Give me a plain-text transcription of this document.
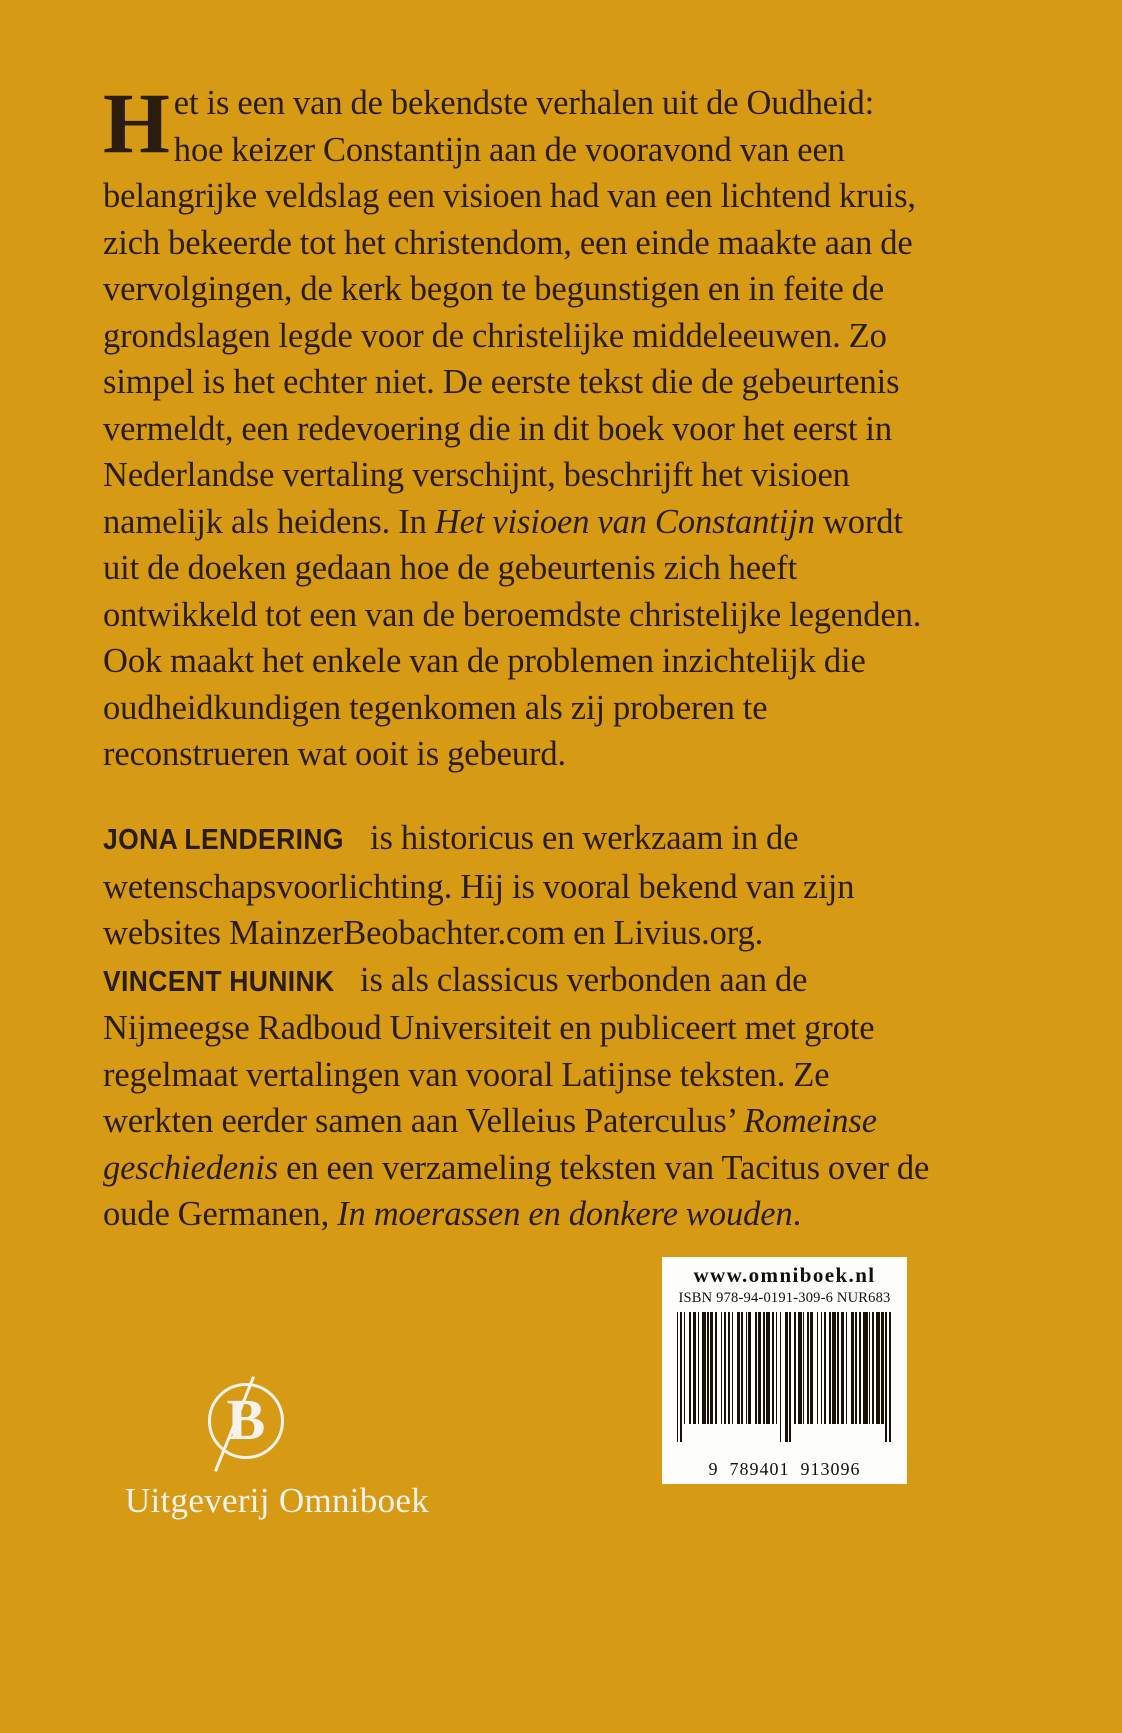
Het is een van de bekendste verhalen uit de Oudheid: hoe keizer Constantijn aan de vooravond van een belangrijke veldslag een visioen had van een lichtend kruis, zich bekeerde tot het christendom, een einde maakte aan de vervolgingen, de kerk begon te begunstigen en in feite de grondslagen legde voor de christelijke middeleeuwen. Zo simpel is het echter niet. De eerste tekst die de gebeurtenis vermeldt, een redevoering die in dit boek voor het eerst in Nederlandse vertaling verschijnt, beschrijft het visioen namelijk als heidens. In Het visioen van Constantijn wordt uit de doeken gedaan hoe de gebeurtenis zich heeft ontwikkeld tot een van de beroemdste christelijke legenden. Ook maakt het enkele van de problemen inzichtelijk die oudheidkundigen tegenkomen als zij proberen te reconstrueren wat ooit is gebeurd.

JONA LENDERING is historicus en werkzaam in de wetenschapsvoorlichting. Hij is vooral bekend van zijn websites MainzerBeobachter.com en Livius.org. VINCENT HUNINK is als classicus verbonden aan de Nijmeegse Radboud Universiteit en publiceert met grote regelmaat vertalingen van vooral Latijnse teksten. Ze werkten eerder samen aan Velleius Paterculus’ Romeinse geschiedenis en een verzameling teksten van Tacitus over de oude Germanen, In moerassen en donkere wouden.

B
Uitgeverij Omniboek
www.omniboek.nl
ISBN 978-94-0191-309-6 NUR683
9  789401  913096
